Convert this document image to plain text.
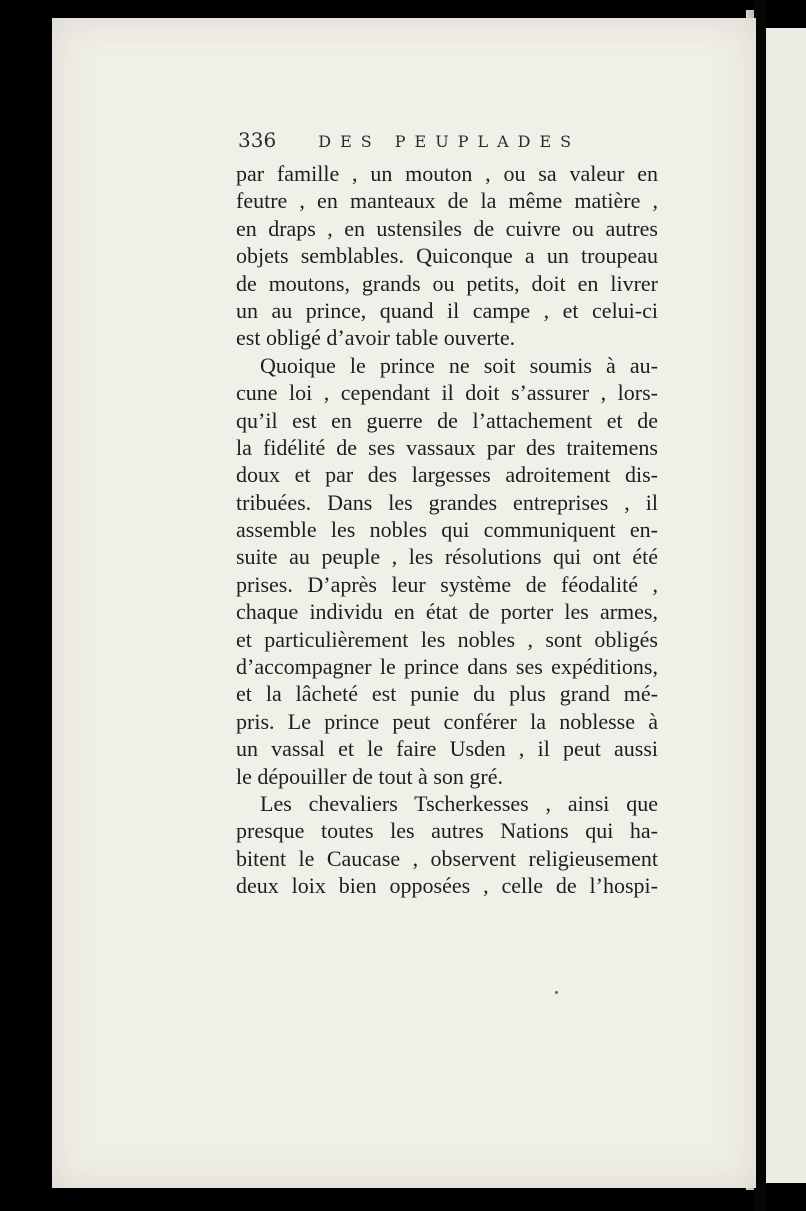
336	DES PEUPLADES
par famille , un mouton , ou sa valeur en
feutre , en manteaux de la même matière ,
en draps , en ustensiles de cuivre ou autres
objets semblables. Quiconque a un troupeau
de moutons, grands ou petits, doit en livrer
un au prince, quand il campe , et celui-ci
est obligé d’avoir table ouverte.
Quoique le prince ne soit soumis à au-
cune loi , cependant il doit s’assurer , lors-
qu’il est en guerre de l’attachement et de
la fidélité de ses vassaux par des traitemens
doux et par des largesses adroitement dis-
tribuées. Dans les grandes entreprises , il
assemble les nobles qui communiquent en-
suite au peuple , les résolutions qui ont été
prises. D’après leur système de féodalité ,
chaque individu en état de porter les armes,
et particulièrement les nobles , sont obligés
d’accompagner le prince dans ses expéditions,
et la lâcheté est punie du plus grand mé-
pris. Le prince peut conférer la noblesse à
un vassal et le faire Usden , il peut aussi
le dépouiller de tout à son gré.
Les chevaliers Tscherkesses , ainsi que
presque toutes les autres Nations qui ha-
bitent le Caucase , observent religieusement
deux loix bien opposées , celle de l’hospi-
